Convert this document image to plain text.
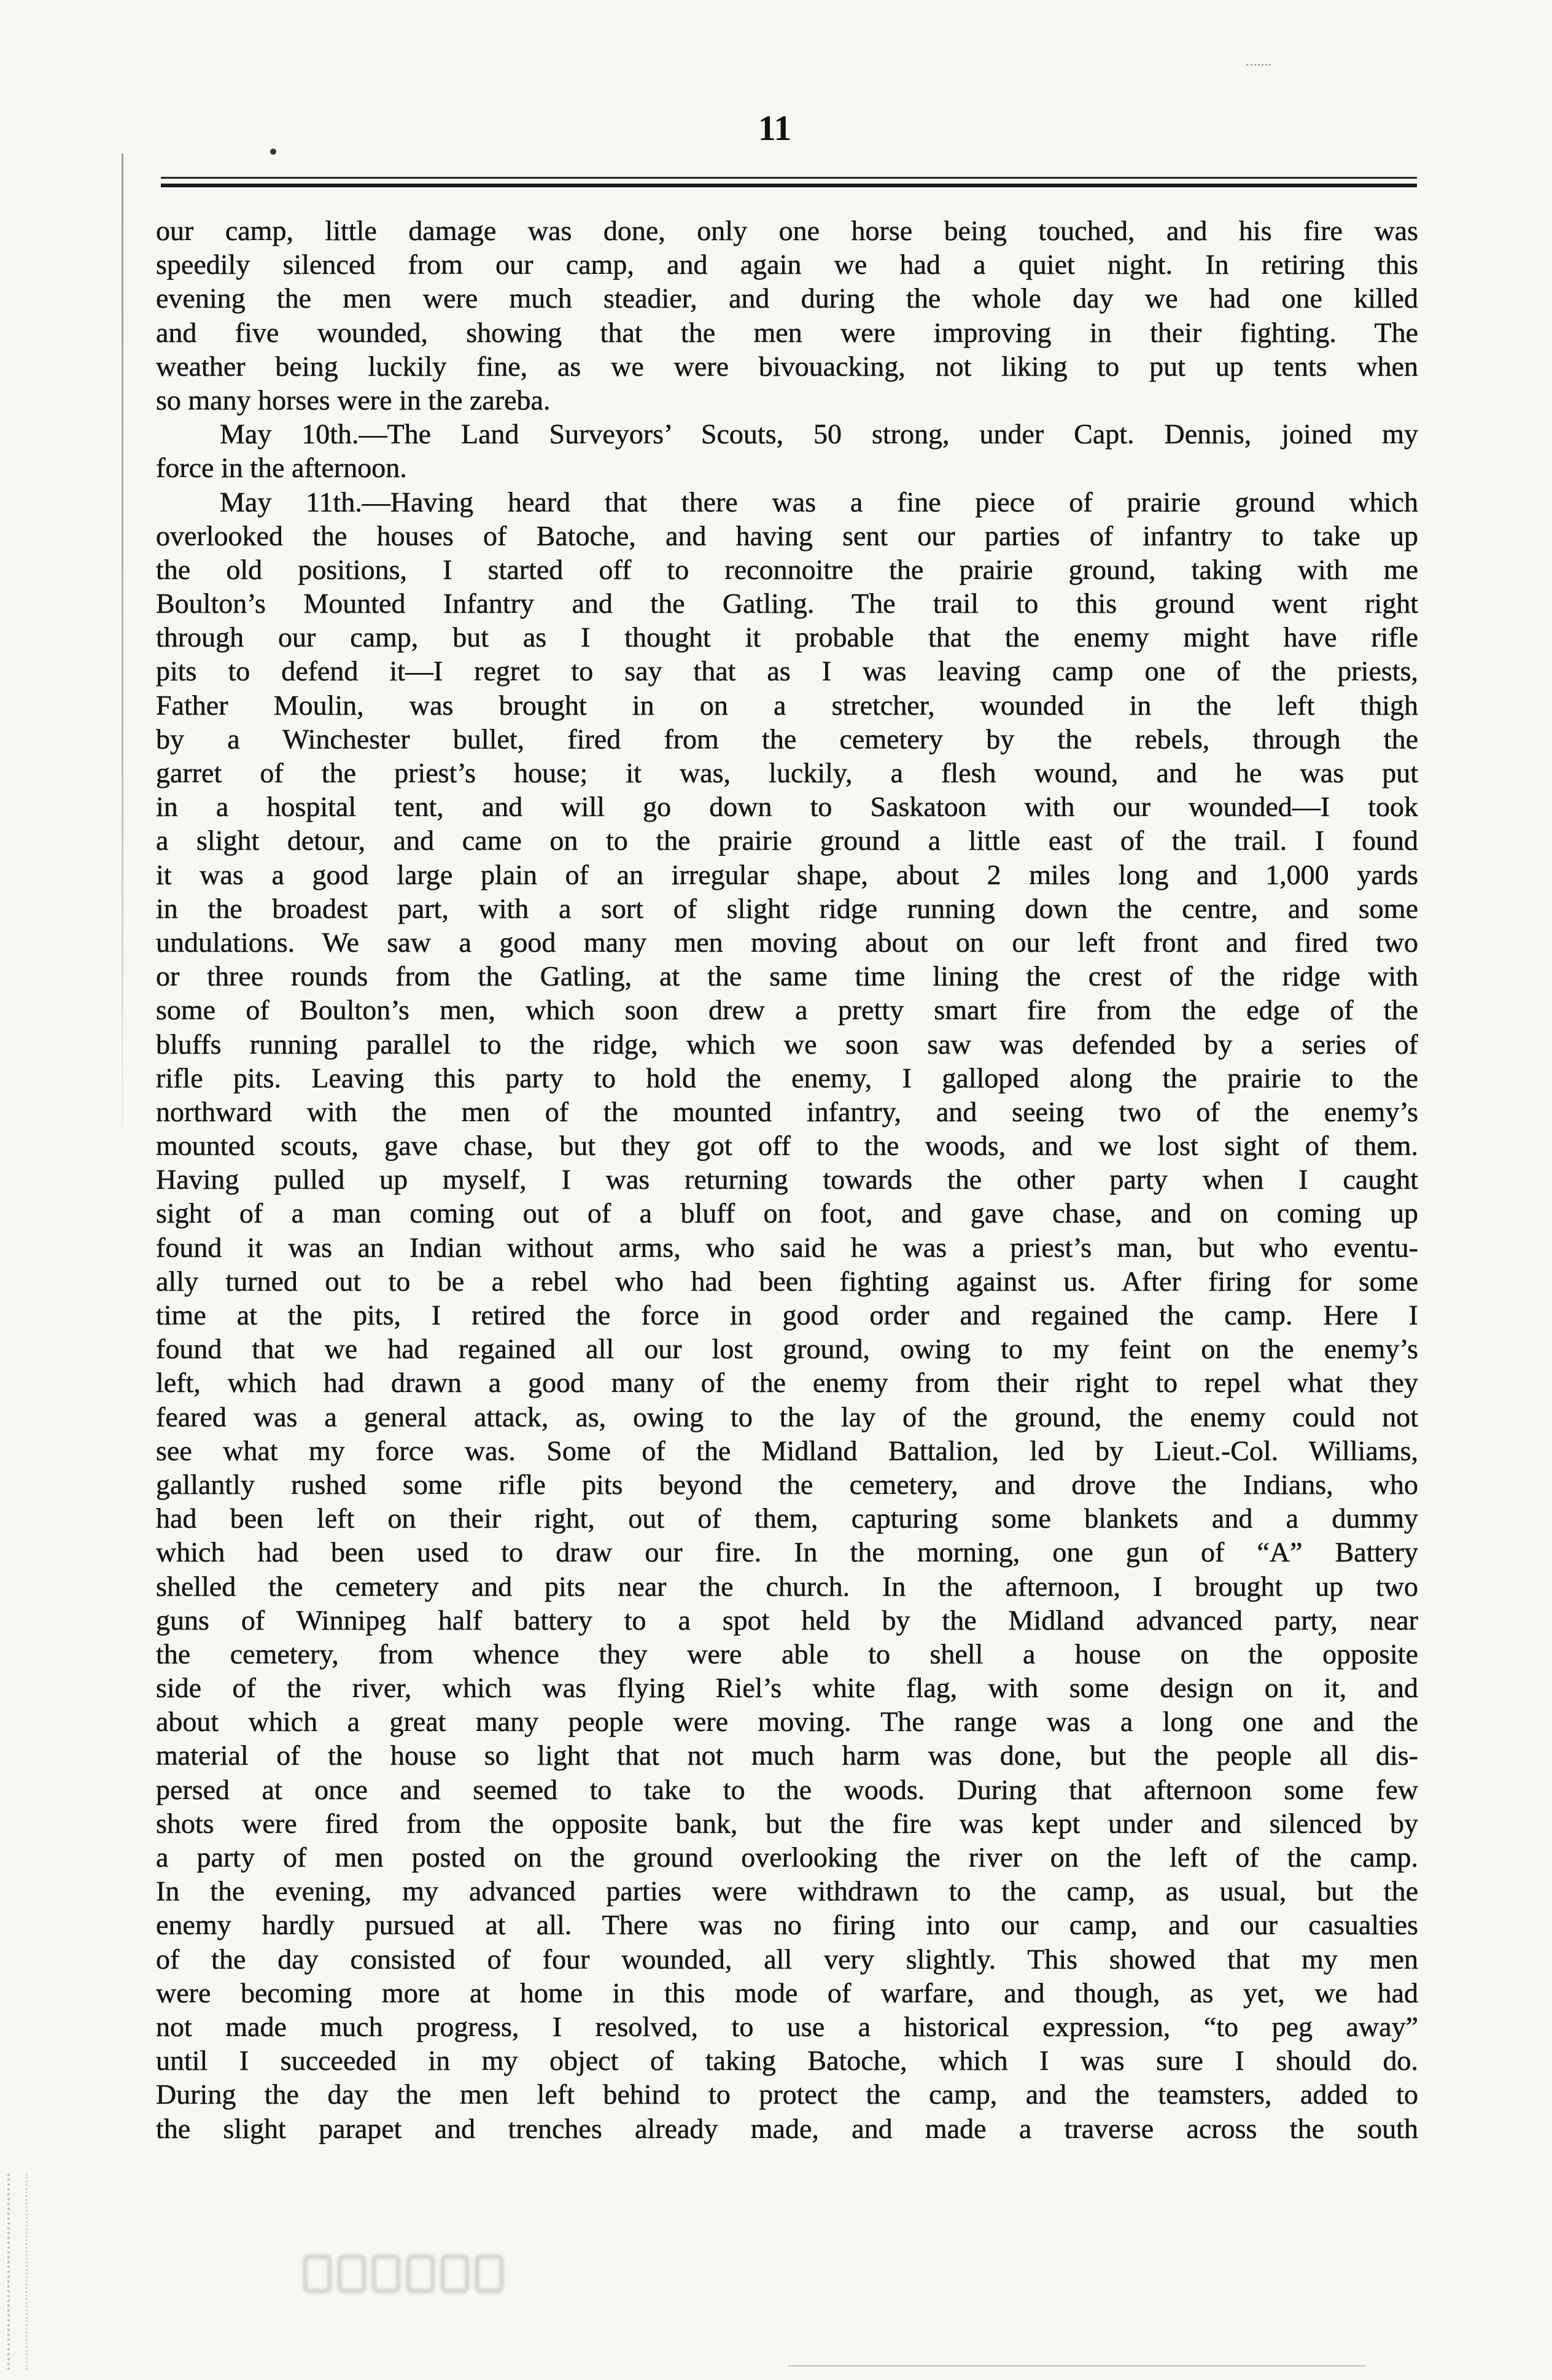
11
our camp, little damage was done, only one horse being touched, and his fire was
speedily silenced from our camp, and again we had a quiet night. In retiring this
evening the men were much steadier, and during the whole day we had one killed
and five wounded, showing that the men were improving in their fighting. The
weather being luckily fine, as we were bivouacking, not liking to put up tents when
so many horses were in the zareba.
May 10th.—The Land Surveyors’ Scouts, 50 strong, under Capt. Dennis, joined my
force in the afternoon.
May 11th.—Having heard that there was a fine piece of prairie ground which
overlooked the houses of Batoche, and having sent our parties of infantry to take up
the old positions, I started off to reconnoitre the prairie ground, taking with me
Boulton’s Mounted Infantry and the Gatling. The trail to this ground went right
through our camp, but as I thought it probable that the enemy might have rifle
pits to defend it—I regret to say that as I was leaving camp one of the priests,
Father Moulin, was brought in on a stretcher, wounded in the left thigh
by a Winchester bullet, fired from the cemetery by the rebels, through the
garret of the priest’s house; it was, luckily, a flesh wound, and he was put
in a hospital tent, and will go down to Saskatoon with our wounded—I took
a slight detour, and came on to the prairie ground a little east of the trail. I found
it was a good large plain of an irregular shape, about 2 miles long and 1,000 yards
in the broadest part, with a sort of slight ridge running down the centre, and some
undulations. We saw a good many men moving about on our left front and fired two
or three rounds from the Gatling, at the same time lining the crest of the ridge with
some of Boulton’s men, which soon drew a pretty smart fire from the edge of the
bluffs running parallel to the ridge, which we soon saw was defended by a series of
rifle pits. Leaving this party to hold the enemy, I galloped along the prairie to the
northward with the men of the mounted infantry, and seeing two of the enemy’s
mounted scouts, gave chase, but they got off to the woods, and we lost sight of them.
Having pulled up myself, I was returning towards the other party when I caught
sight of a man coming out of a bluff on foot, and gave chase, and on coming up
found it was an Indian without arms, who said he was a priest’s man, but who eventu-
ally turned out to be a rebel who had been fighting against us. After firing for some
time at the pits, I retired the force in good order and regained the camp. Here I
found that we had regained all our lost ground, owing to my feint on the enemy’s
left, which had drawn a good many of the enemy from their right to repel what they
feared was a general attack, as, owing to the lay of the ground, the enemy could not
see what my force was. Some of the Midland Battalion, led by Lieut.-Col. Williams,
gallantly rushed some rifle pits beyond the cemetery, and drove the Indians, who
had been left on their right, out of them, capturing some blankets and a dummy
which had been used to draw our fire. In the morning, one gun of “A” Battery
shelled the cemetery and pits near the church. In the afternoon, I brought up two
guns of Winnipeg half battery to a spot held by the Midland advanced party, near
the cemetery, from whence they were able to shell a house on the opposite
side of the river, which was flying Riel’s white flag, with some design on it, and
about which a great many people were moving. The range was a long one and the
material of the house so light that not much harm was done, but the people all dis-
persed at once and seemed to take to the woods. During that afternoon some few
shots were fired from the opposite bank, but the fire was kept under and silenced by
a party of men posted on the ground overlooking the river on the left of the camp.
In the evening, my advanced parties were withdrawn to the camp, as usual, but the
enemy hardly pursued at all. There was no firing into our camp, and our casualties
of the day consisted of four wounded, all very slightly. This showed that my men
were becoming more at home in this mode of warfare, and though, as yet, we had
not made much progress, I resolved, to use a historical expression, “to peg away”
until I succeeded in my object of taking Batoche, which I was sure I should do.
During the day the men left behind to protect the camp, and the teamsters, added to
the slight parapet and trenches already made, and made a traverse across the south
